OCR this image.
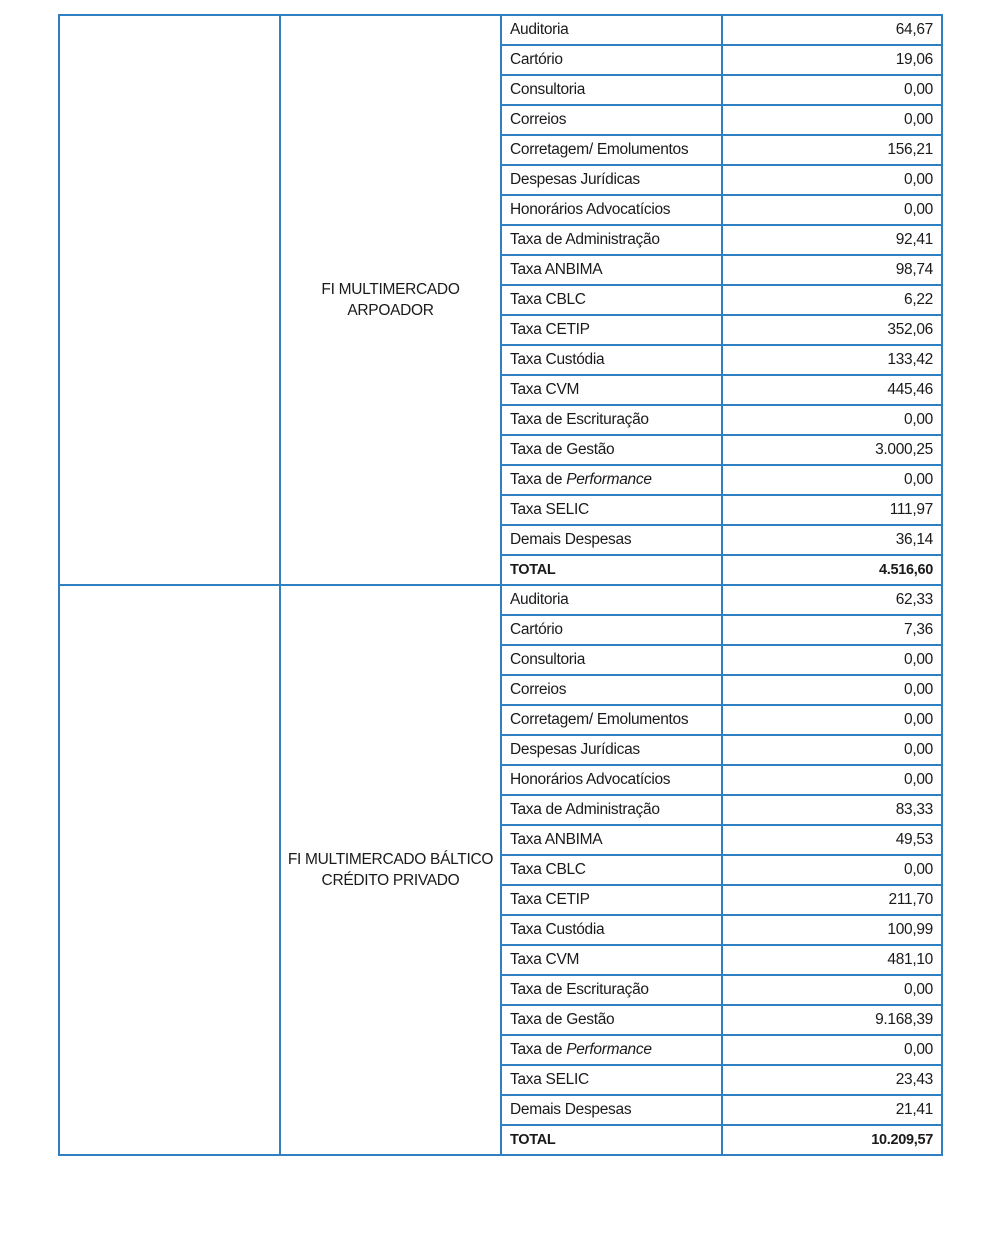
	FI MULTIMERCADO ARPOADOR	Auditoria	64,67
		Cartório	19,06
		Consultoria	0,00
		Correios	0,00
		Corretagem/ Emolumentos	156,21
		Despesas Jurídicas	0,00
		Honorários Advocatícios	0,00
		Taxa de Administração	92,41
		Taxa ANBIMA	98,74
		Taxa CBLC	6,22
		Taxa CETIP	352,06
		Taxa Custódia	133,42
		Taxa CVM	445,46
		Taxa de Escrituração	0,00
		Taxa de Gestão	3.000,25
		Taxa de Performance	0,00
		Taxa SELIC	111,97
		Demais Despesas	36,14
		TOTAL	4.516,60
	FI MULTIMERCADO BÁLTICO CRÉDITO PRIVADO	Auditoria	62,33
		Cartório	7,36
		Consultoria	0,00
		Correios	0,00
		Corretagem/ Emolumentos	0,00
		Despesas Jurídicas	0,00
		Honorários Advocatícios	0,00
		Taxa de Administração	83,33
		Taxa ANBIMA	49,53
		Taxa CBLC	0,00
		Taxa CETIP	211,70
		Taxa Custódia	100,99
		Taxa CVM	481,10
		Taxa de Escrituração	0,00
		Taxa de Gestão	9.168,39
		Taxa de Performance	0,00
		Taxa SELIC	23,43
		Demais Despesas	21,41
		TOTAL	10.209,57
